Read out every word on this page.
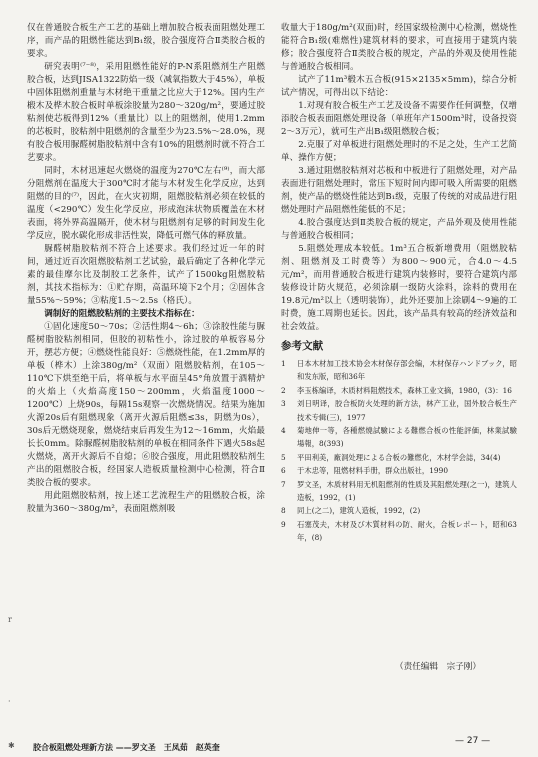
仅在普通胶合板生产工艺的基础上增加胶合板表面阻燃处理工序，而产品的阻燃性能达到B₁级，胶合强度符合Ⅱ类胶合板的要求。

研究表明⁽⁷⁻⁸⁾，采用阻燃性能好的P-N系阻燃剂生产阻燃胶合板，达到JISA1322防焰一级（减氧指数大于45%），单板中固体阻燃剂重量与木材绝干重量之比应大于12%。国内生产椴木及桦木胶合板时单板涂胶量为280～320g/m²，要通过胶粘剂使芯板得到12%（重量比）以上的阻燃剂，使用1.2mm的芯板时，胶粘剂中阻燃剂的含量至少为23.5%～28.0%，现有胶合板用脲醛树脂胶粘剂中含有10%的阻燃剂时就不符合工艺要求。

同时，木材迅速起火燃烧的温度为270℃左右⁽⁹⁾，而大部分阻燃剂在温度大于300℃时才能与木材发生化学反应，达到阻燃的目的⁽⁷⁾，因此，在火灾初期，阻燃胶粘剂必须在较低的温度（<290℃）发生化学反应，形成泡沫状物质覆盖在木材表面，将外界高温隔开，使木材与阻燃剂有足够的时间发生化学反应，脱水碳化形成非活性炭，降低可燃气体的释放量。

脲醛树脂胶粘剂不符合上述要求。我们经过近一年的时间，通过近百次阻燃胶粘剂工艺试验，最后确定了各种化学元素的最佳摩尔比及制胶工艺条件，试产了1500kg阻燃胶粘剂，其技术指标为：①贮存期，高温环境下2个月；②固体含量55%～59%；③粘度1.5～2.5s（格氏）。

调制好的阻燃胶粘剂的主要技术指标在：

①固化速度50～70s；②活性期4～6h；③涂胶性能与脲醛树脂胶粘剂相同，但胶的初粘性小，涂过胶的单板容易分开，摆芯方便；④燃烧性能良好：⑤燃烧性能，在1.2mm厚的单板（桦木）上涂380g/m²（双面）阻燃胶粘剂，在105～110℃下烘至绝干后，将单板与水平面呈45°角放置于酒精炉的火焰上（火焰高度150～200mm，火焰温度1000～1200℃）上烧90s，每隔15s观察一次燃烧情况。结果为施加火源20s后有阻燃现象（离开火源后阻燃≤3s，阴燃为0s），30s后无燃烧现象，燃烧结束后再发生为12～16mm，火焰最长长0mm。除脲醛树脂胶粘剂的单板在相同条件下遇火58s起火燃烧，离开火源后不自熄；⑥胶合强度，用此阻燃胶粘剂生产出的阻燃胶合板，经国家人造板质量检测中心检测，符合Ⅱ类胶合板的要求。

用此阻燃胶粘剂，按上述工艺流程生产的阻燃胶合板，涂胶量为360～380g/m²，表面阻燃剂吸

收量大于180g/m²(双面)时，经国家级检测中心检测，燃烧性能符合B₁级(难燃性)建筑材料的要求，可直接用于建筑内装修；胶合强度符合Ⅱ类胶合板的规定，产品的外观及使用性能与普通胶合板相同。

试产了11m³椴木五合板(915×2135×5mm)，综合分析试产情况，可得出以下结论：

1.对现有胶合板生产工艺及设备不需要作任何调整，仅增添胶合板表面阻燃处理设备（单班年产1500m³时，设备投资2～3万元），就可生产出B₁级阻燃胶合板；

2.克服了对单板进行阻燃处理时的不足之处，生产工艺简单、操作方便；

3.通过阻燃胶粘剂对芯板和中板进行了阻燃处理，对产品表面进行阻燃处理时，常压下短时间内即可吸入所需要的阻燃剂，使产品的燃烧性能达到B₁级，克服了传统的对成品进行阻燃处理时产品阻燃性能低的不足；

4.胶合强度达到Ⅱ类胶合板的规定，产品外观及使用性能与普通胶合板相同；

5.阻燃处理成本较低。1m³五合板新增费用（阻燃胶粘剂、阻燃剂及工时费等）为800～900元，合4.0～4.5元/m²，而用普通胶合板进行建筑内装修时，要符合建筑内部装修设计防火规范，必须涂刷一级防火涂料，涂料的费用在19.8元/m²以上（透明装饰），此外还要加上涂刷4～9遍的工时费，施工周期也延长。因此，该产品具有较高的经济效益和社会效益。

参考文献
1	日本木材加工技术协会木材保存部会编，木材保存ハンドブック，昭和发东版，昭和36年
2	李玉栋编译，木质材料阻燃技术，森林工业文摘，1980，(3)：16
3	刘日明译，胶合板防火处理的新方法，林产工业，国外胶合板生产技术专辑(三)，1977
4	菊地伸一等，各種燃燒試驗による難燃合板の性能評価，林業試驗場報，8(393)
5	平田利美，廠洞处理による合板の難燃化，木材学会誌，34(4)
6	于木忠等，阻燃材料手册，群众出版社，1990
7	罗文圣，木质材料用无机阻燃剂的性质及其阻燃处理(之一)，建筑人造板，1992，(1)
8	同上(之二)，建筑人造板，1992，(2)
9	石塞茂夫，木材及び木質材料の防、耐火，合板レポート，昭和63年，(8)
（责任编辑　宗子刚）
— 27 —
胶合板阻燃处理新方法 ——罗文圣　王凤茹　赵英奎
r
·
✱
